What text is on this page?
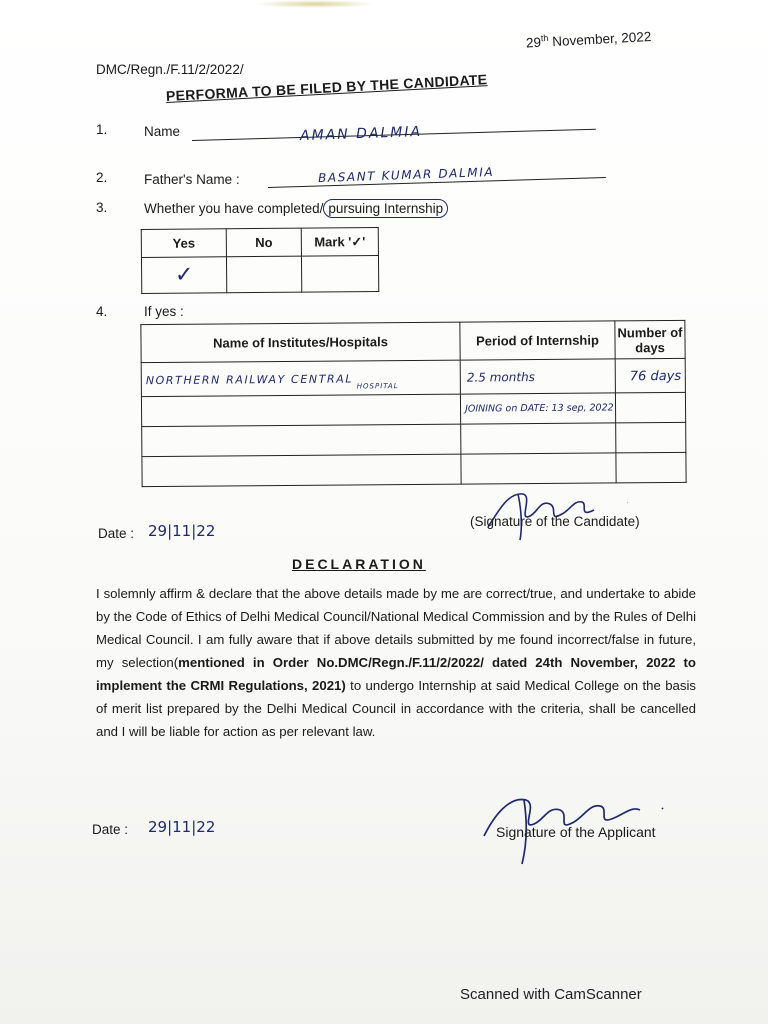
29th November, 2022
DMC/Regn./F.11/2/2022/
PERFORMA TO BE FILED BY THE CANDIDATE
1.	Name	AMAN DALMIA
2.	Father's Name :	BASANT KUMAR DALMIA
3.	Whether you have completed/ pursuing Internship
Yes	No	Mark '✓'
✓		
4.	If yes :
Name of Institutes/Hospitals	Period of Internship	Number of days
NORTHERN RAILWAY CENTRAL $_{HOSPITAL}$	2.5 months	76 days

	JOINING on DATE: 13 sep, 2022	

Date : 29|11|22
(Signature of the Candidate)
DECLARATION
I solemnly affirm & declare that the above details made by me are correct/true, and undertake to abide by the Code of Ethics of Delhi Medical Council/National Medical Commission and by the Rules of Delhi Medical Council. I am fully aware that if above details submitted by me found incorrect/false in future, my selection(mentioned in Order No.DMC/Regn./F.11/2/2022/ dated 24th November, 2022 to implement the CRMI Regulations, 2021) to undergo Internship at said Medical College on the basis of merit list prepared by the Delhi Medical Council in accordance with the criteria, shall be cancelled and I will be liable for action as per relevant law.
Date : 29|11|22	Signature of the Applicant
Scanned with CamScanner
